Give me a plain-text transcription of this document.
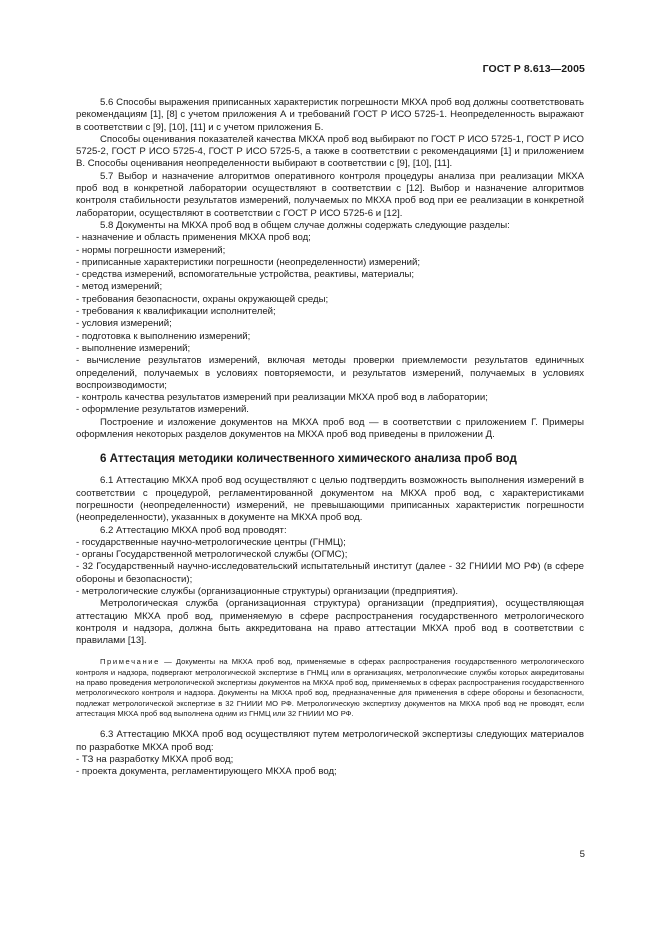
ГОСТ Р 8.613—2005

5.6 Способы выражения приписанных характеристик погрешности МКХА проб вод должны соответствовать рекомендациям [1], [8] с учетом приложения А и требований ГОСТ Р ИСО 5725-1. Неопределенность выражают в соответствии с [9], [10], [11] и с учетом приложения Б.

Способы оценивания показателей качества МКХА проб вод выбирают по ГОСТ Р ИСО 5725-1, ГОСТ Р ИСО 5725-2, ГОСТ Р ИСО 5725-4, ГОСТ Р ИСО 5725-5, а также в соответствии с рекомендациями [1] и приложением В. Способы оценивания неопределенности выбирают в соответствии с [9], [10], [11].

5.7 Выбор и назначение алгоритмов оперативного контроля процедуры анализа при реализации МКХА проб вод в конкретной лаборатории осуществляют в соответствии с [12]. Выбор и назначение алгоритмов контроля стабильности результатов измерений, получаемых по МКХА проб вод при ее реализации в конкретной лаборатории, осуществляют в соответствии с ГОСТ Р ИСО 5725-6 и [12].

5.8 Документы на МКХА проб вод в общем случае должны содержать следующие разделы:

- назначение и область применения МКХА проб вод;

- нормы погрешности измерений;

- приписанные характеристики погрешности (неопределенности) измерений;

- средства измерений, вспомогательные устройства, реактивы, материалы;

- метод измерений;

- требования безопасности, охраны окружающей среды;

- требования к квалификации исполнителей;

- условия измерений;

- подготовка к выполнению измерений;

- выполнение измерений;

- вычисление результатов измерений, включая методы проверки приемлемости результатов единичных определений, получаемых в условиях повторяемости, и результатов измерений, получаемых в условиях воспроизводимости;

- контроль качества результатов измерений при реализации МКХА проб вод в лаборатории;

- оформление результатов измерений.

Построение и изложение документов на МКХА проб вод — в соответствии с приложением Г. Примеры оформления некоторых разделов документов на МКХА проб вод приведены в приложении Д.

6 Аттестация методики количественного химического анализа проб вод

6.1 Аттестацию МКХА проб вод осуществляют с целью подтвердить возможность выполнения измерений в соответствии с процедурой, регламентированной документом на МКХА проб вод, с характеристиками погрешности (неопределенности) измерений, не превышающими приписанных характеристик погрешности (неопределенности), указанных в документе на МКХА проб вод.

6.2 Аттестацию МКХА проб вод проводят:

- государственные научно-метрологические центры (ГНМЦ);

- органы Государственной метрологической службы (ОГМС);

- 32 Государственный научно-исследовательский испытательный институт (далее - 32 ГНИИИ МО РФ) (в сфере обороны и безопасности);

- метрологические службы (организационные структуры) организации (предприятия).

Метрологическая служба (организационная структура) организации (предприятия), осуществляющая аттестацию МКХА проб вод, применяемую в сфере распространения государственного метрологического контроля и надзора, должна быть аккредитована на право аттестации МКХА проб вод в соответствии с правилами [13].

Примечание — Документы на МКХА проб вод, применяемые в сферах распространения государственного метрологического контроля и надзора, подвергают метрологической экспертизе в ГНМЦ или в организациях, метрологические службы которых аккредитованы на право проведения метрологической экспертизы документов на МКХА проб вод, применяемых в сферах распространения государственного метрологического контроля и надзора. Документы на МКХА проб вод, предназначенные для применения в сфере обороны и безопасности, подлежат метрологической экспертизе в 32 ГНИИИ МО РФ. Метрологическую экспертизу документов на МКХА проб вод не проводят, если аттестация МКХА проб вод выполнена одним из ГНМЦ или 32 ГНИИИ МО РФ.

6.3 Аттестацию МКХА проб вод осуществляют путем метрологической экспертизы следующих материалов по разработке МКХА проб вод:

- ТЗ на разработку МКХА проб вод;

- проекта документа, регламентирующего МКХА проб вод;

5
